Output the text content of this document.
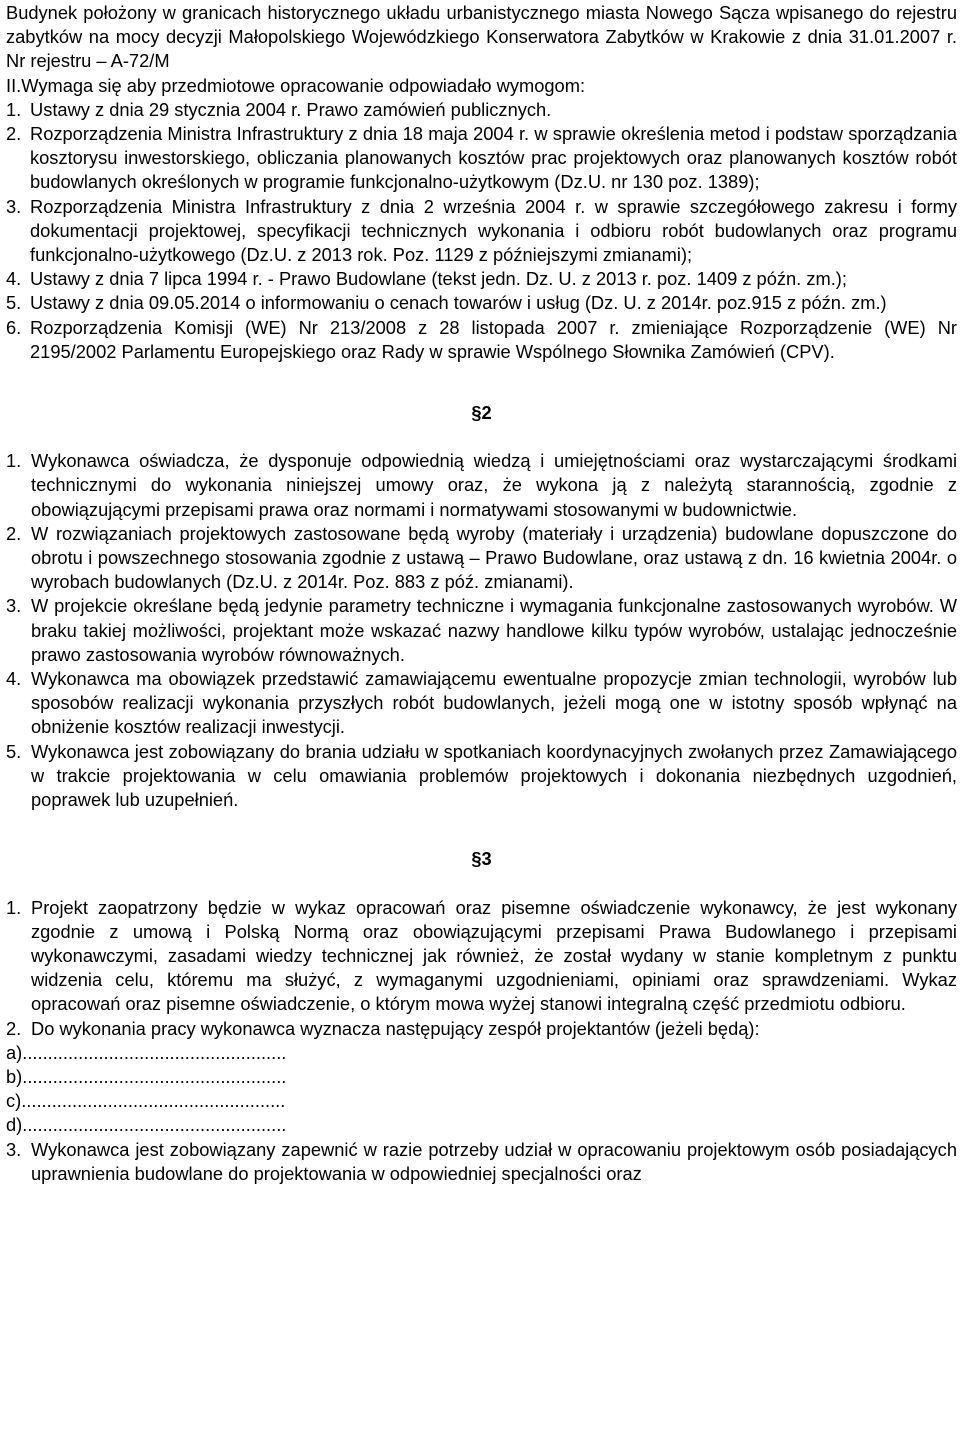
Budynek położony w granicach historycznego układu urbanistycznego miasta Nowego Sącza wpisanego do rejestru zabytków na mocy decyzji Małopolskiego Wojewódzkiego Konserwatora Zabytków w Krakowie z dnia 31.01.2007 r. Nr rejestru – A-72/M

II.Wymaga się aby przedmiotowe opracowanie odpowiadało wymogom:

1. Ustawy z dnia 29 stycznia 2004 r. Prawo zamówień publicznych.
2. Rozporządzenia Ministra Infrastruktury z dnia 18 maja 2004 r. w sprawie określenia metod i podstaw sporządzania kosztorysu inwestorskiego, obliczania planowanych kosztów prac projektowych oraz planowanych kosztów robót budowlanych określonych w programie funkcjonalno-użytkowym (Dz.U. nr 130 poz. 1389);
3. Rozporządzenia Ministra Infrastruktury z dnia 2 września 2004 r. w sprawie szczegółowego zakresu i formy dokumentacji projektowej, specyfikacji technicznych wykonania i odbioru robót budowlanych oraz programu funkcjonalno-użytkowego (Dz.U. z 2013 rok. Poz. 1129 z późniejszymi zmianami);
4. Ustawy z dnia 7 lipca 1994 r. - Prawo Budowlane (tekst jedn. Dz. U. z 2013 r. poz. 1409 z późn. zm.);
5. Ustawy z dnia 09.05.2014 o informowaniu o cenach towarów i usług (Dz. U. z 2014r. poz.915 z późn. zm.)
6. Rozporządzenia Komisji (WE) Nr 213/2008 z 28 listopada 2007 r. zmieniające Rozporządzenie (WE) Nr 2195/2002 Parlamentu Europejskiego oraz Rady w sprawie Wspólnego Słownika Zamówień (CPV).

§2

1. Wykonawca oświadcza, że dysponuje odpowiednią wiedzą i umiejętnościami oraz wystarczającymi środkami technicznymi do wykonania niniejszej umowy oraz, że wykona ją z należytą starannością, zgodnie z obowiązującymi przepisami prawa oraz normami i normatywami stosowanymi w budownictwie.
2. W rozwiązaniach projektowych zastosowane będą wyroby (materiały i urządzenia) budowlane dopuszczone do obrotu i powszechnego stosowania zgodnie z ustawą – Prawo Budowlane, oraz ustawą z dn. 16 kwietnia 2004r. o wyrobach budowlanych (Dz.U. z 2014r. Poz. 883 z póź. zmianami).
3. W projekcie określane będą jedynie parametry techniczne i wymagania funkcjonalne zastosowanych wyrobów. W braku takiej możliwości, projektant może wskazać nazwy handlowe kilku typów wyrobów, ustalając jednocześnie prawo zastosowania wyrobów równoważnych.
4. Wykonawca ma obowiązek przedstawić zamawiającemu ewentualne propozycje zmian technologii, wyrobów lub sposobów realizacji wykonania przyszłych robót budowlanych, jeżeli mogą one w istotny sposób wpłynąć na obniżenie kosztów realizacji inwestycji.
5. Wykonawca jest zobowiązany do brania udziału w spotkaniach koordynacyjnych zwołanych przez Zamawiającego w trakcie projektowania w celu omawiania problemów projektowych i dokonania niezbędnych uzgodnień, poprawek lub uzupełnień.

§3

1. Projekt zaopatrzony będzie w wykaz opracowań oraz pisemne oświadczenie wykonawcy, że jest wykonany zgodnie z umową i Polską Normą oraz obowiązującymi przepisami Prawa Budowlanego i przepisami wykonawczymi, zasadami wiedzy technicznej jak również, że został wydany w stanie kompletnym z punktu widzenia celu, któremu ma służyć, z wymaganymi uzgodnieniami, opiniami oraz sprawdzeniami. Wykaz opracowań oraz pisemne oświadczenie, o którym mowa wyżej stanowi integralną część przedmiotu odbioru.
2. Do wykonania pracy wykonawca wyznacza następujący zespół projektantów (jeżeli będą):

a)....................................................

b)....................................................

c)....................................................

d)....................................................

3. Wykonawca jest zobowiązany zapewnić w razie potrzeby udział w opracowaniu projektowym osób posiadających uprawnienia budowlane do projektowania w odpowiedniej specjalności oraz
